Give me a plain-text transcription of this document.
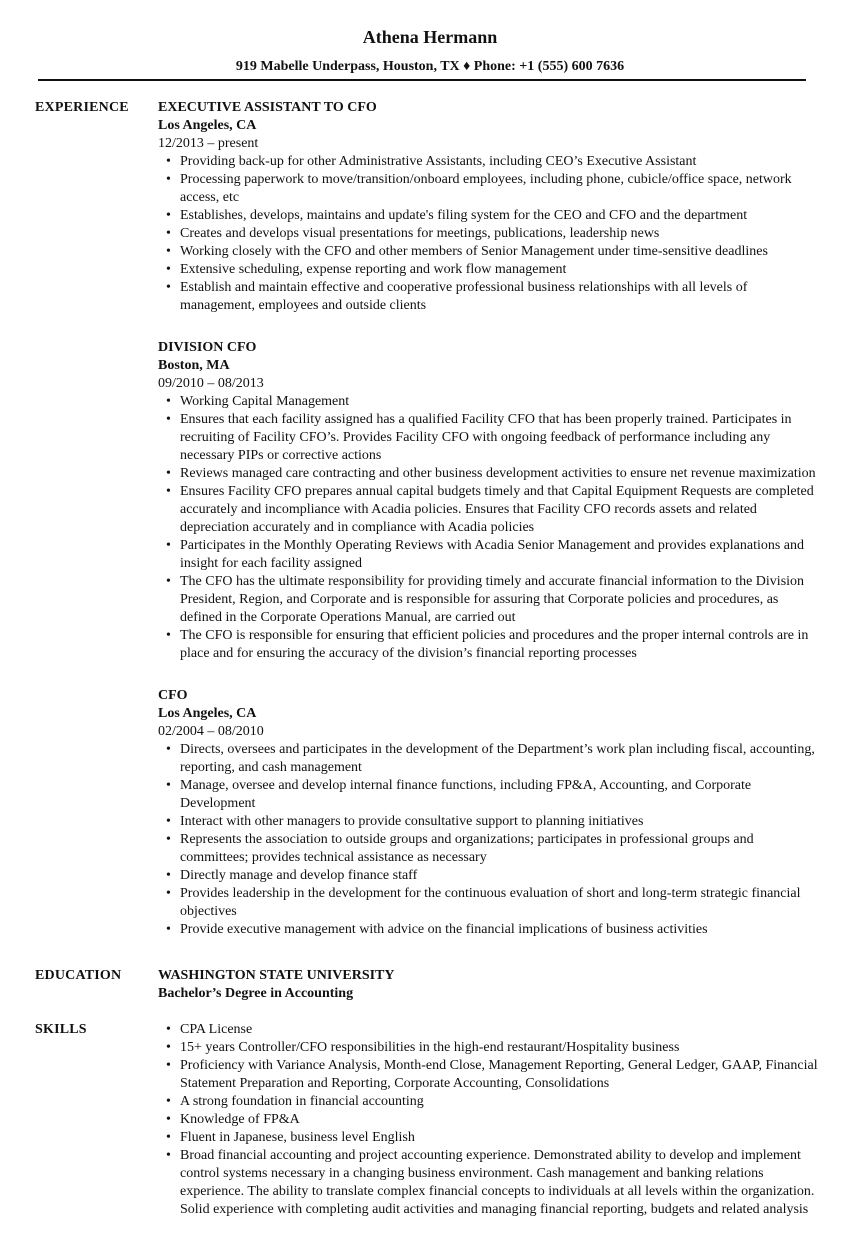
Athena Hermann
919 Mabelle Underpass, Houston, TX ♦ Phone: +1 (555) 600 7636
EXPERIENCE EXECUTIVE ASSISTANT TO CFO
Los Angeles, CA
12/2013 – present
• Providing back-up for other Administrative Assistants, including CEO’s Executive Assistant
• Processing paperwork to move/transition/onboard employees, including phone, cubicle/office space, network access, etc
• Establishes, develops, maintains and update's filing system for the CEO and CFO and the department
• Creates and develops visual presentations for meetings, publications, leadership news
• Working closely with the CFO and other members of Senior Management under time-sensitive deadlines
• Extensive scheduling, expense reporting and work flow management
• Establish and maintain effective and cooperative professional business relationships with all levels of management, employees and outside clients
DIVISION CFO
Boston, MA
09/2010 – 08/2013
• Working Capital Management
• Ensures that each facility assigned has a qualified Facility CFO that has been properly trained. Participates in recruiting of Facility CFO’s. Provides Facility CFO with ongoing feedback of performance including any necessary PIPs or corrective actions
• Reviews managed care contracting and other business development activities to ensure net revenue maximization
• Ensures Facility CFO prepares annual capital budgets timely and that Capital Equipment Requests are completed accurately and incompliance with Acadia policies. Ensures that Facility CFO records assets and related depreciation accurately and in compliance with Acadia policies
• Participates in the Monthly Operating Reviews with Acadia Senior Management and provides explanations and insight for each facility assigned
• The CFO has the ultimate responsibility for providing timely and accurate financial information to the Division President, Region, and Corporate and is responsible for assuring that Corporate policies and procedures, as defined in the Corporate Operations Manual, are carried out
• The CFO is responsible for ensuring that efficient policies and procedures and the proper internal controls are in place and for ensuring the accuracy of the division’s financial reporting processes
CFO
Los Angeles, CA
02/2004 – 08/2010
• Directs, oversees and participates in the development of the Department’s work plan including fiscal, accounting, reporting, and cash management
• Manage, oversee and develop internal finance functions, including FP&A, Accounting, and Corporate Development
• Interact with other managers to provide consultative support to planning initiatives
• Represents the association to outside groups and organizations; participates in professional groups and committees; provides technical assistance as necessary
• Directly manage and develop finance staff
• Provides leadership in the development for the continuous evaluation of short and long-term strategic financial objectives
• Provide executive management with advice on the financial implications of business activities
EDUCATION	WASHINGTON STATE UNIVERSITY
Bachelor’s Degree in Accounting
SKILLS
•	CPA License
• 15+ years Controller/CFO responsibilities in the high-end restaurant/Hospitality business
• Proficiency with Variance Analysis, Month-end Close, Management Reporting, General Ledger, GAAP, Financial Statement Preparation and Reporting, Corporate Accounting, Consolidations
• A strong foundation in financial accounting
• Knowledge of FP&A
• Fluent in Japanese, business level English
• Broad financial accounting and project accounting experience. Demonstrated ability to develop and implement control systems necessary in a changing business environment. Cash management and banking relations experience. The ability to translate complex financial concepts to individuals at all levels within the organization. Solid experience with completing audit activities and managing financial reporting, budgets and related analysis
